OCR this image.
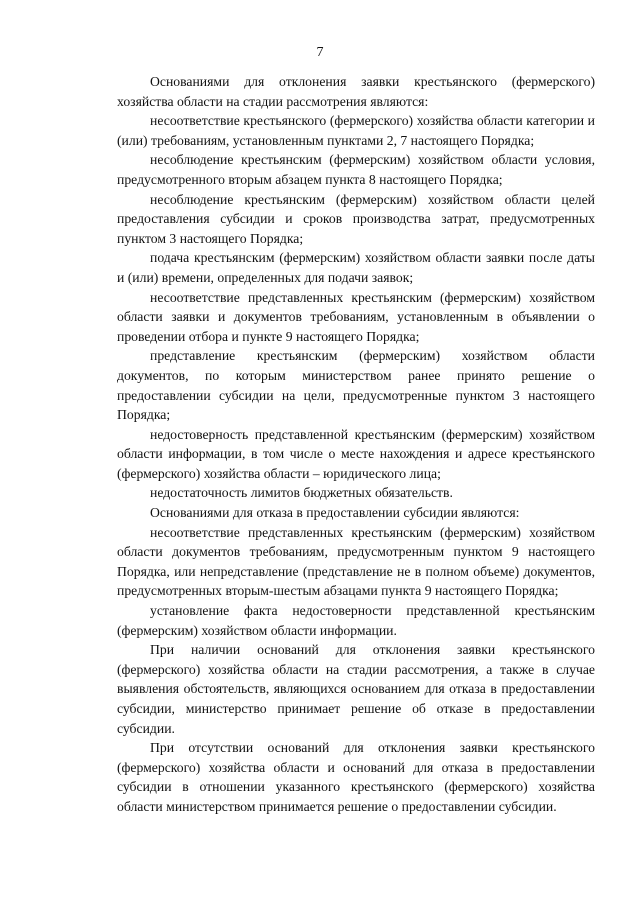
7

Основаниями для отклонения заявки крестьянского (фермерского) хозяйства области на стадии рассмотрения являются:

несоответствие крестьянского (фермерского) хозяйства области категории и (или) требованиям, установленным пунктами 2, 7 настоящего Порядка;

несоблюдение крестьянским (фермерским) хозяйством области условия, предусмотренного вторым абзацем пункта 8 настоящего Порядка;

несоблюдение крестьянским (фермерским) хозяйством области целей предоставления субсидии и сроков производства затрат, предусмотренных пунктом 3 настоящего Порядка;

подача крестьянским (фермерским) хозяйством области заявки после даты и (или) времени, определенных для подачи заявок;

несоответствие представленных крестьянским (фермерским) хозяйством области заявки и документов требованиям, установленным в объявлении о проведении отбора и пункте 9 настоящего Порядка;

представление крестьянским (фермерским) хозяйством области документов, по которым министерством ранее принято решение о предоставлении субсидии на цели, предусмотренные пунктом 3 настоящего Порядка;

недостоверность представленной крестьянским (фермерским) хозяйством области информации, в том числе о месте нахождения и адресе крестьянского (фермерского) хозяйства области – юридического лица;

недостаточность лимитов бюджетных обязательств.

Основаниями для отказа в предоставлении субсидии являются:

несоответствие представленных крестьянским (фермерским) хозяйством области документов требованиям, предусмотренным пунктом 9 настоящего Порядка, или непредставление (представление не в полном объеме) документов, предусмотренных вторым-шестым абзацами пункта 9 настоящего Порядка;

установление факта недостоверности представленной крестьянским (фермерским) хозяйством области информации.

При наличии оснований для отклонения заявки крестьянского (фермерского) хозяйства области на стадии рассмотрения, а также в случае выявления обстоятельств, являющихся основанием для отказа в предоставлении субсидии, министерство принимает решение об отказе в предоставлении субсидии.

При отсутствии оснований для отклонения заявки крестьянского (фермерского) хозяйства области и оснований для отказа в предоставлении субсидии в отношении указанного крестьянского (фермерского) хозяйства области министерством принимается решение о предоставлении субсидии.
